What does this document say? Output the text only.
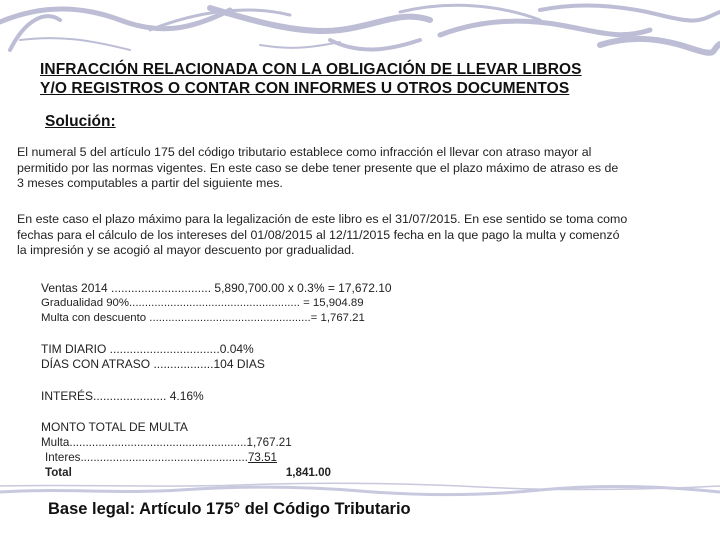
INFRACCIÓN RELACIONADA CON LA OBLIGACIÓN DE LLEVAR LIBROS
Y/O REGISTROS O CONTAR CON INFORMES U OTROS DOCUMENTOS
Solución:
El numeral 5 del artículo 175 del código tributario establece como infracción el llevar con atraso mayor al
permitido por las normas vigentes. En este caso se debe tener presente que el plazo máximo de atraso es de
3 meses computables a partir del siguiente mes.
En este caso el plazo máximo para la legalización de este libro es el 31/07/2015. En ese sentido se toma como
fechas para el cálculo de los intereses del 01/08/2015 al 12/11/2015 fecha en la que pago la multa y comenzó
la impresión y se acogió al mayor descuento por gradualidad.
Ventas 2014 .............................. 5,890,700.00 x 0.3% = 17,672.10
Gradualidad 90%...................................................... = 15,904.89
Multa con descuento ...................................................= 1,767.21
TIM DIARIO .................................0.04%
DÍAS CON ATRASO ..................104 DIAS
INTERÉS...................... 4.16%
MONTO TOTAL DE MULTA
Multa.......................................................1,767.21
Interes....................................................73.51
Total	1,841.00
Base legal: Artículo 175° del Código Tributario
